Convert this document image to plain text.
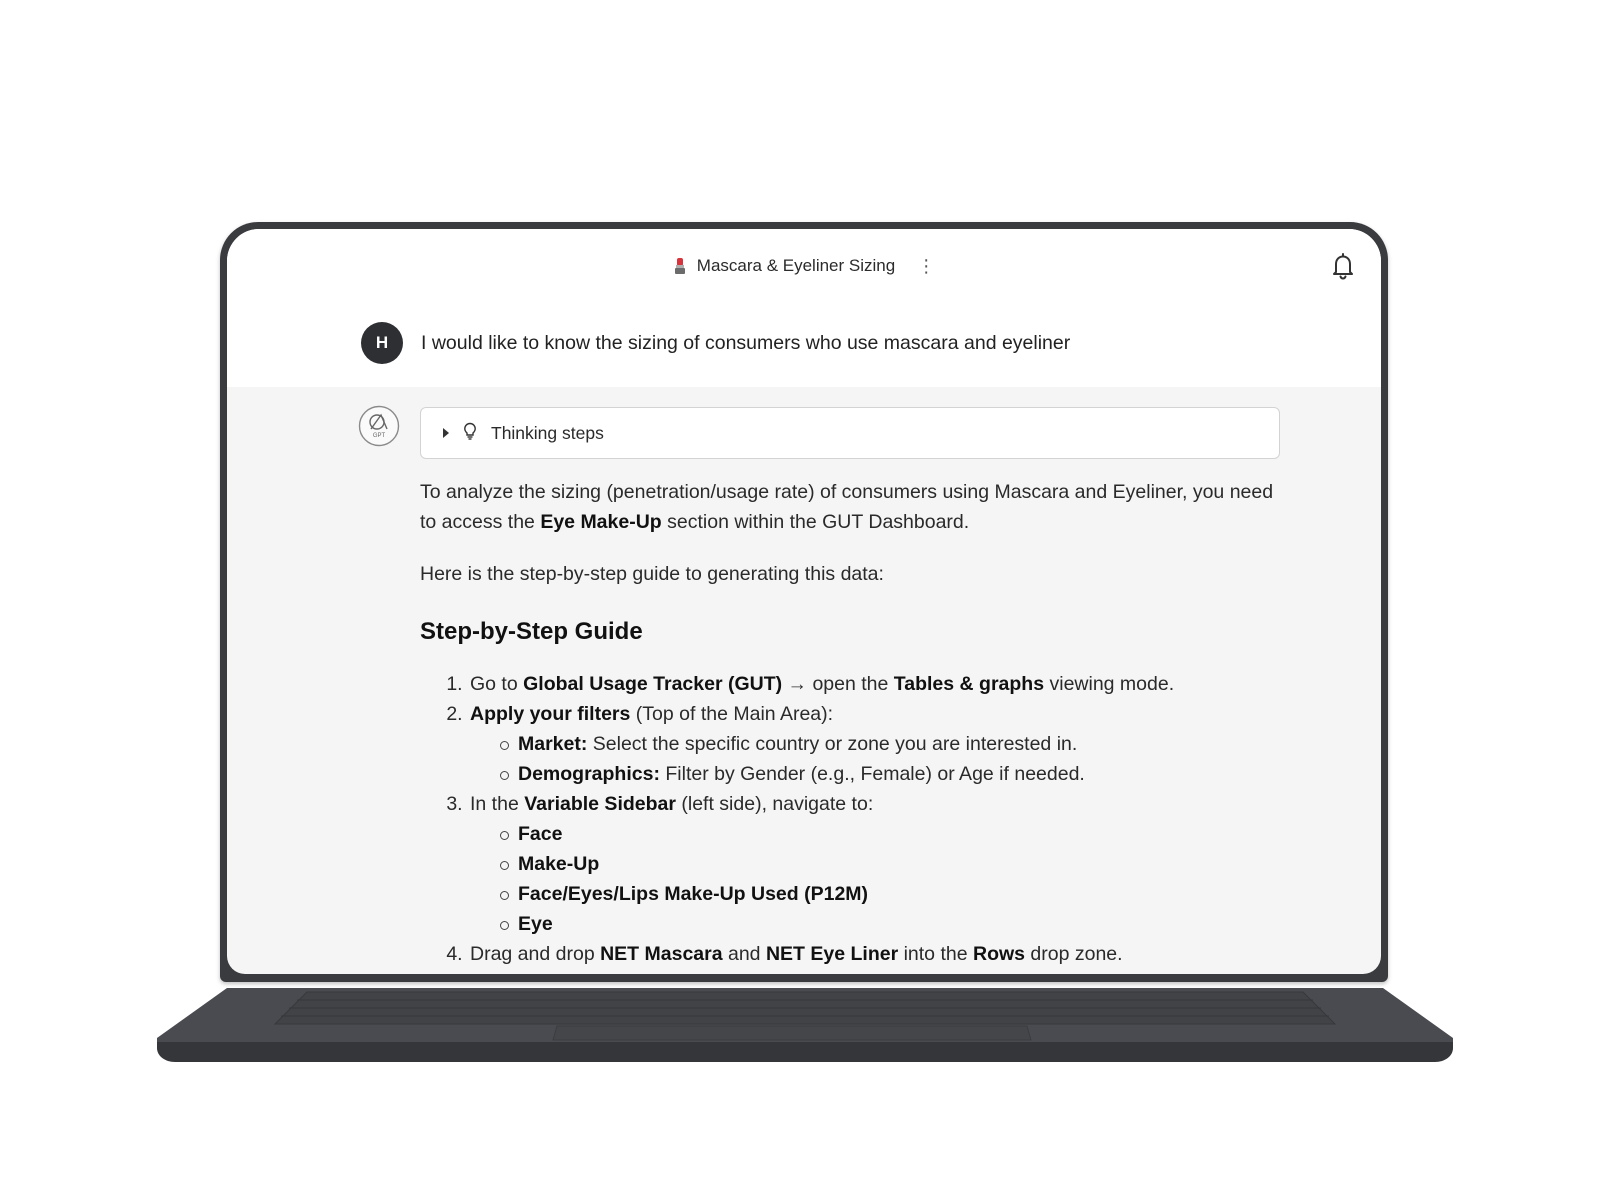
Mascara & Eyeliner Sizing ⋮
H	I would like to know the sizing of consumers who use mascara and eyeliner
GPT	Thinking steps

To analyze the sizing (penetration/usage rate) of consumers using Mascara and Eyeliner, you need to access the Eye Make-Up section within the GUT Dashboard.

Here is the step-by-step guide to generating this data:

Step-by-Step Guide
1. Go to Global Usage Tracker (GUT) → open the Tables & graphs viewing mode.
2. Apply your filters (Top of the Main Area):
Market: Select the specific country or zone you are interested in.
Demographics: Filter by Gender (e.g., Female) or Age if needed.
3. In the Variable Sidebar (left side), navigate to:
Face
Make-Up
Face/Eyes/Lips Make-Up Used (P12M)
Eye
4. Drag and drop NET Mascara and NET Eye Liner into the Rows drop zone.
